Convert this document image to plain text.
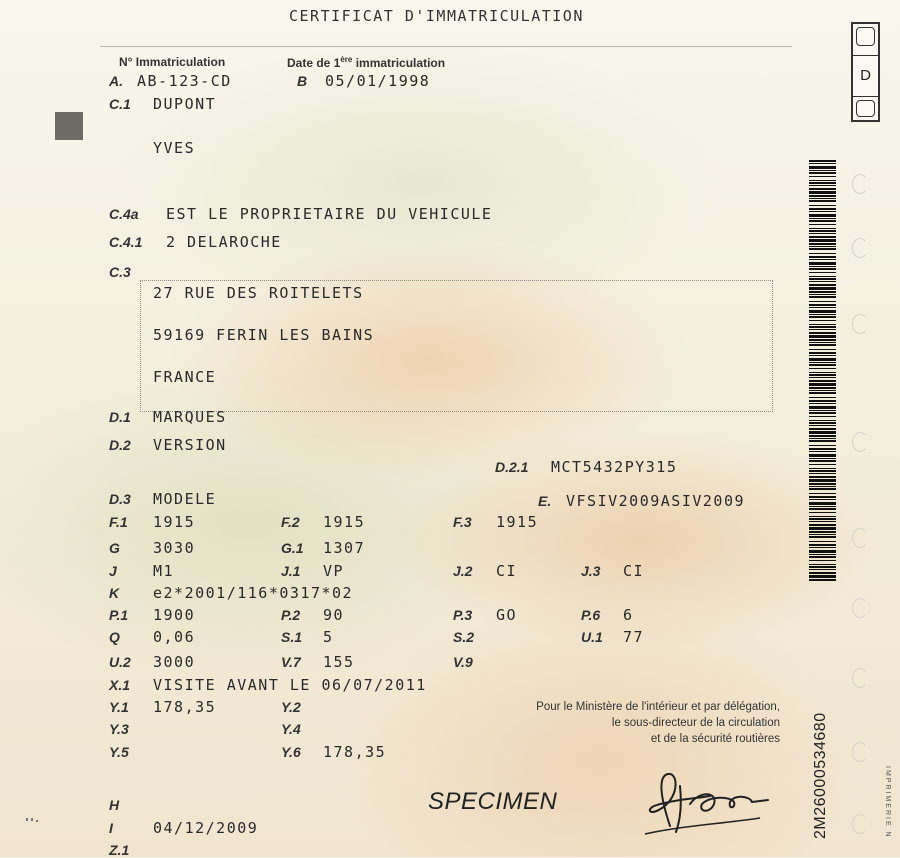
CERTIFICAT D'IMMATRICULATION
N° Immatriculation	Date de 1ère immatriculation
A. AB-123-CD	B 05/01/1998
C.1 DUPONT
YVES
C.4a EST LE PROPRIETAIRE DU VEHICULE
C.4.1 2 DELAROCHE
C.3
27 RUE DES ROITELETS
59169 FERIN LES BAINS
FRANCE
D.1 MARQUES
D.2 VERSION
D.2.1 MCT5432PY315
D.3 MODELE	E. VFSIV2009ASIV2009
F.1 1915	F.2 1915	F.3 1915
G 3030	G.1 1307
J M1	J.1 VP	J.2 CI	J.3 CI
K e2*2001/116*0317*02
P.1 1900	P.2 90	P.3 GO	P.6 6
Q 0,06	S.1 5	S.2	U.1 77
U.2 3000	V.7 155	V.9
X.1 VISITE AVANT LE 06/07/2011
Y.1 178,35	Y.2
Y.3	Y.4
Y.5	Y.6 178,35
Pour le Ministère de l'intérieur et par délégation,
le sous-directeur de la circulation
et de la sécurité routières
H
I	04/12/2009
Z.1
SPECIMEN
D
2M26000534680	IMPRIMERIE N
